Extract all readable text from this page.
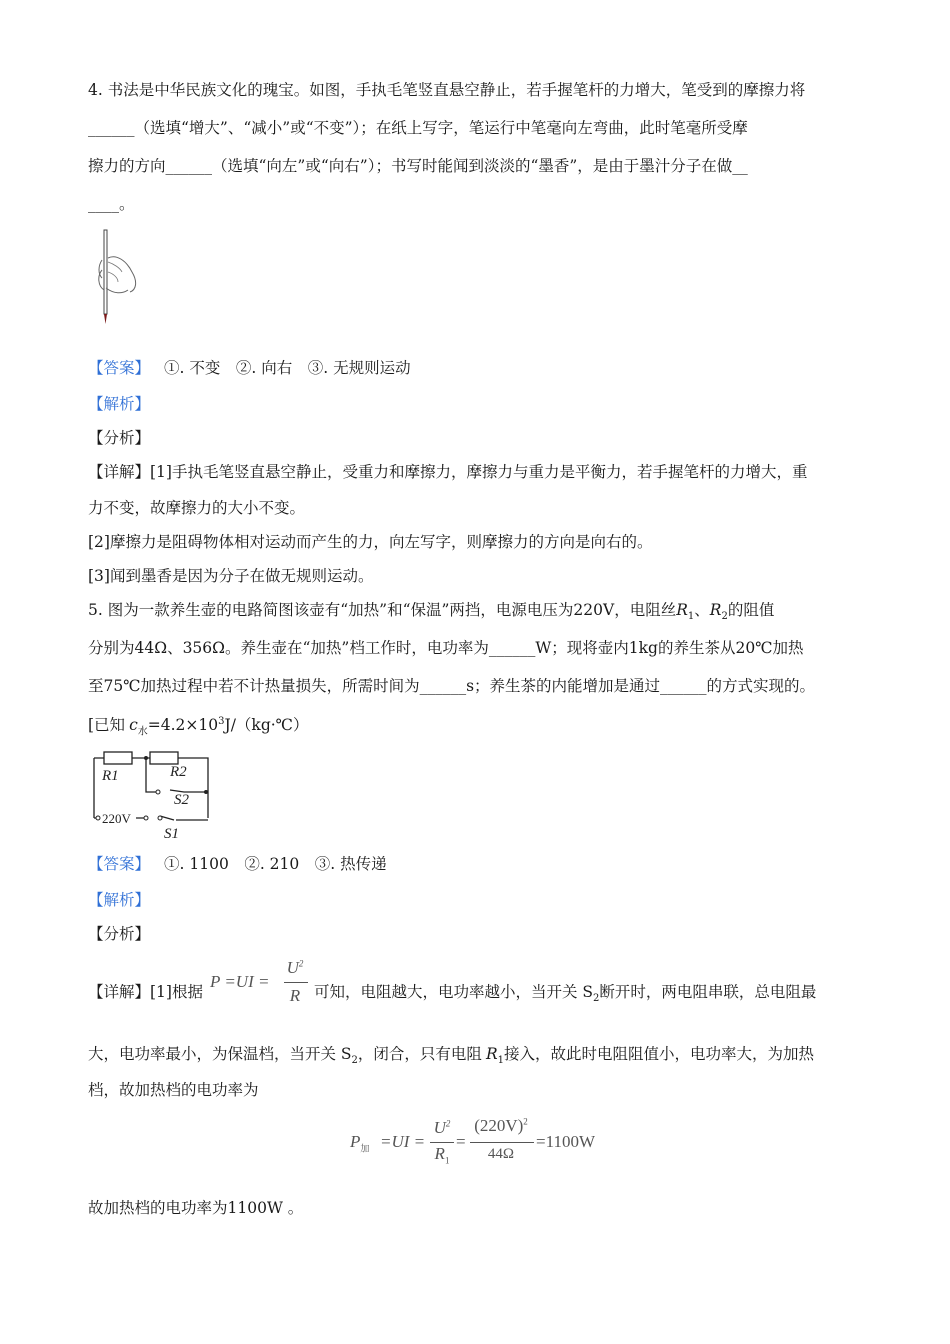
4. 书法是中华民族文化的瑰宝。如图，手执毛笔竖直悬空静止，若手握笔杆的力增大，笔受到的摩擦力将
______（选填“增大”、“减小”或“不变”）；在纸上写字，笔运行中笔毫向左弯曲，此时笔毫所受摩
擦力的方向______（选填“向左”或“向右”）；书写时能闻到淡淡的“墨香”，是由于墨汁分子在做__
____。
【答案】 ①. 不变　②. 向右　③. 无规则运动
【解析】
【分析】
【详解】[1]手执毛笔竖直悬空静止，受重力和摩擦力，摩擦力与重力是平衡力，若手握笔杆的力增大，重
力不变，故摩擦力的大小不变。
[2]摩擦力是阻碍物体相对运动而产生的力，向左写字，则摩擦力的方向是向右的。
[3]闻到墨香是因为分子在做无规则运动。
5. 图为一款养生壶的电路简图该壶有“加热”和“保温”两挡，电源电压为220V，电阻丝$R_1$、$R_2$的阻值
分别为44Ω、356Ω。养生壶在“加热”档工作时，电功率为______W；现将壶内1kg的养生茶从20℃加热
至75℃加热过程中若不计热量损失，所需时间为______s；养生茶的内能增加是通过______的方式实现的。
[已知 $c_水=4.2\times 10^3J/(kg\cdot℃)$
R1	R2
S2
S1
220V
【答案】 ①. 1100　②. 210　③. 热传递
【解析】
【分析】
【详解】[1]根据
P =UI =
$U^2$
R 可知，电阻越大，电功率越小，当开关 $S_2$断开时，两电阻串联，总电阻最
大，电功率最小，为保温档，当开关 $S_2$，闭合，只有电阻 $R_1$接入，故此时电阻阻值小，电功率大，为加热
档，故加热档的电功率为
$P_加 =UI$ =
$U^2$
$R_1$
=
$(220V)^2$
44Ω
=1100W
故加热档的电功率为1100W 。
